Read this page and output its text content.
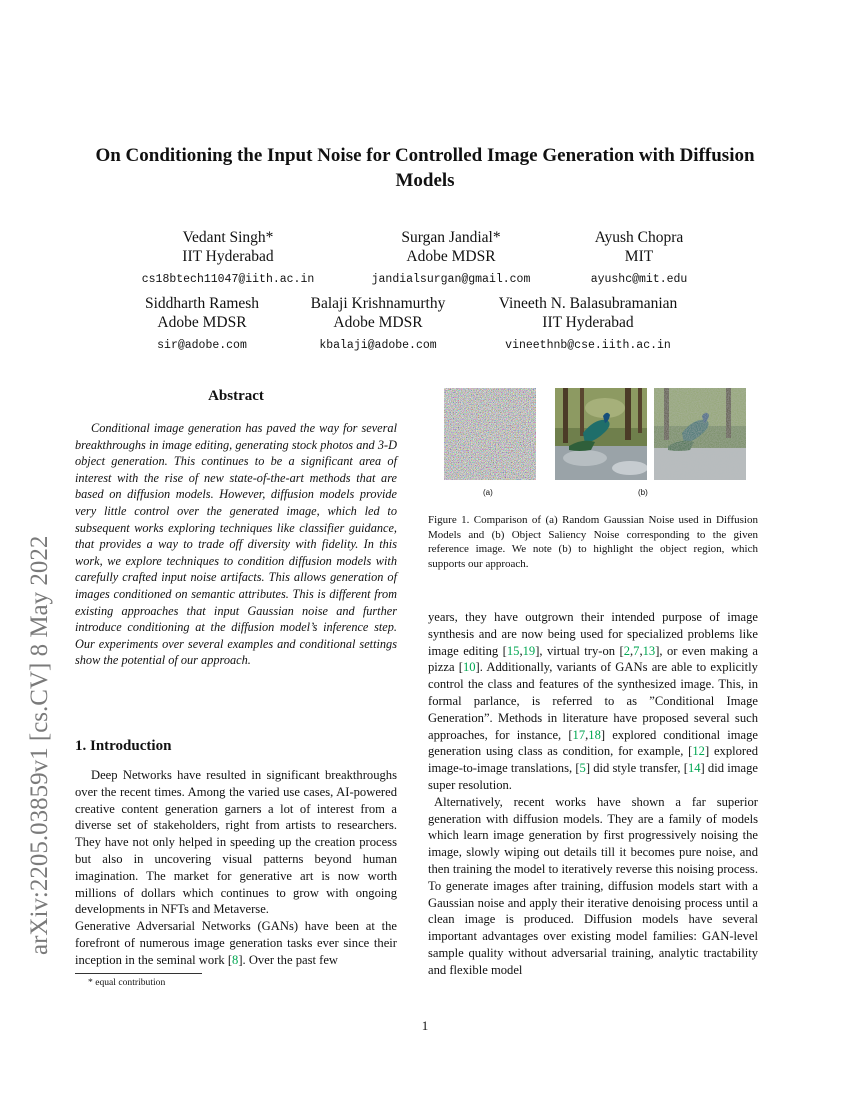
arXiv:2205.03859v1 [cs.CV] 8 May 2022
On Conditioning the Input Noise for Controlled Image Generation with Diffusion Models
Vedant Singh*
IIT Hyderabad
cs18btech11047@iith.ac.in
Surgan Jandial*
Adobe MDSR
jandialsurgan@gmail.com
Ayush Chopra
MIT
ayushc@mit.edu
Siddharth Ramesh
Adobe MDSR
sir@adobe.com
Balaji Krishnamurthy
Adobe MDSR
kbalaji@adobe.com
Vineeth N. Balasubramanian
IIT Hyderabad
vineethnb@cse.iith.ac.in
Abstract

Conditional image generation has paved the way for several breakthroughs in image editing, generating stock photos and 3-D object generation. This continues to be a significant area of interest with the rise of new state-of-the-art methods that are based on diffusion models. However, diffusion models provide very little control over the generated image, which led to subsequent works exploring techniques like classifier guidance, that provides a way to trade off diversity with fidelity. In this work, we explore techniques to condition diffusion models with carefully crafted input noise artifacts. This allows generation of images conditioned on semantic attributes. This is different from existing approaches that input Gaussian noise and further introduce conditioning at the diffusion model’s inference step. Our experiments over several examples and conditional settings show the potential of our approach.

1. Introduction

Deep Networks have resulted in significant breakthroughs over the recent times. Among the varied use cases, AI-powered creative content generation garners a lot of interest from a diverse set of stakeholders, right from artists to researchers. They have not only helped in speeding up the creation process but also in uncovering visual patterns beyond human imagination. The market for generative art is now worth millions of dollars which continues to grow with ongoing developments in NFTs and Metaverse.

Generative Adversarial Networks (GANs) have been at the forefront of numerous image generation tasks ever since their inception in the seminal work [8]. Over the past few

* equal contribution
(a)	(b)
Figure 1. Comparison of (a) Random Gaussian Noise used in Diffusion Models and (b) Object Saliency Noise corresponding to the given reference image. We note (b) to highlight the object region, which supports our approach.

years, they have outgrown their intended purpose of image synthesis and are now being used for specialized problems like image editing [15,19], virtual try-on [2,7,13], or even making a pizza [10]. Additionally, variants of GANs are able to explicitly control the class and features of the synthesized image. This, in formal parlance, is referred to as ”Conditional Image Generation”. Methods in literature have proposed several such approaches, for instance, [17,18] explored conditional image generation using class as condition, for example, [12] explored image-to-image translations, [5] did style transfer, [14] did image super resolution.

Alternatively, recent works have shown a far superior generation with diffusion models. They are a family of models which learn image generation by first progressively noising the image, slowly wiping out details till it becomes pure noise, and then training the model to iteratively reverse this noising process. To generate images after training, diffusion models start with a Gaussian noise and apply their iterative denoising process until a clean image is produced. Diffusion models have several important advantages over existing model families: GAN-level sample quality without adversarial training, analytic tractability and flexible model

1
